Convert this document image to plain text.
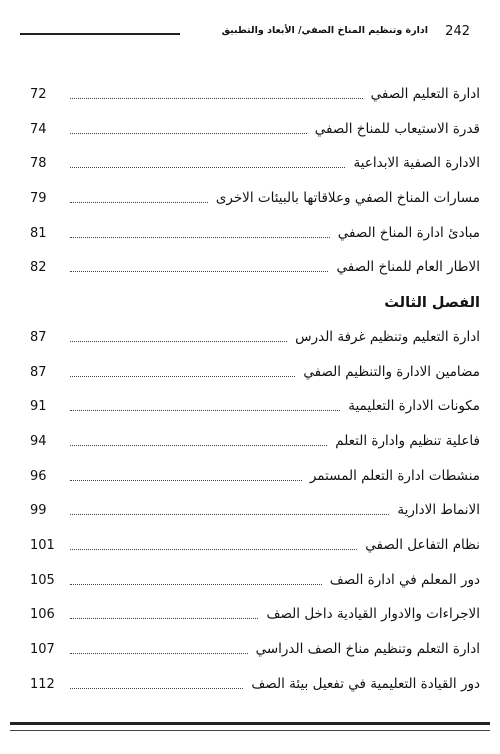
242
ادارة وتنظيم المناخ الصفي/ الأبعاد والتطبيق
72	ادارة التعليم الصفي
74	قدرة الاستيعاب للمناخ الصفي
78	الادارة الصفية الابداعية
79	مسارات المناخ الصفي وعلاقاتها بالبيئات الاخرى
81	مبادئ ادارة المناخ الصفي
82	الاطار العام للمناخ الصفي
الفصل الثالث
87	ادارة التعليم وتنظيم غرفة الدرس
87	مضامين الادارة والتنظيم الصفي
91	مكونات الادارة التعليمية
94	فاعلية تنظيم وادارة التعلم
96	منشطات ادارة التعلم المستمر
99	الانماط الادارية
101	نظام التفاعل الصفي
105	دور المعلم في ادارة الصف
106	الاجراءات والادوار القيادية داخل الصف
107	ادارة التعلم وتنظيم مناخ الصف الدراسي
112	دور القيادة التعليمية في تفعيل بيئة الصف
